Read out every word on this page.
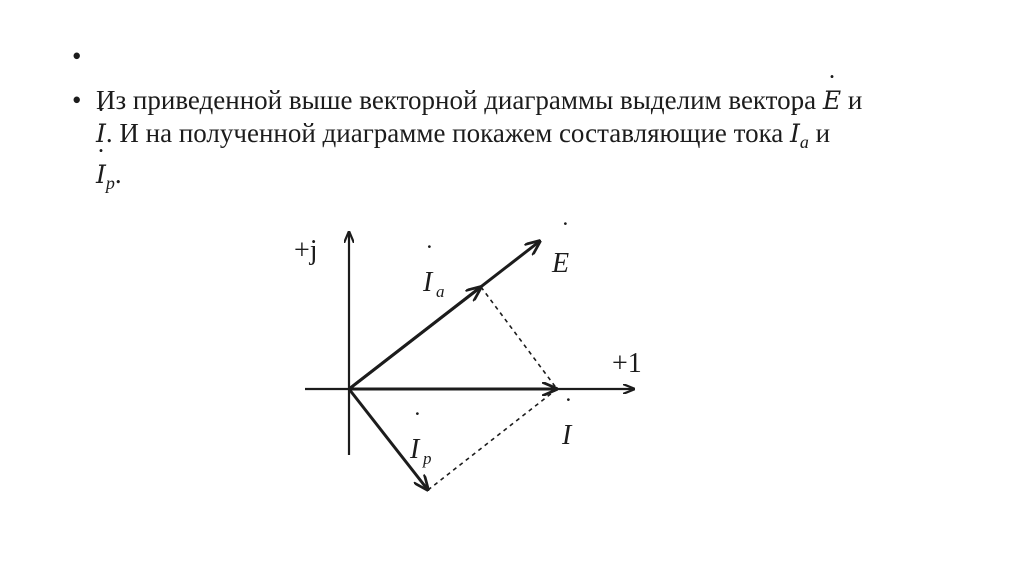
•
• Из приведенной выше векторной диаграммы выделим вектора ˙ E и
˙ I. И на полученной диаграмме покажем составляющие тока ˙ $I_a$ и
˙ $I_p$.
+j
+1
˙
E
˙
I a
˙
I
˙
I p
